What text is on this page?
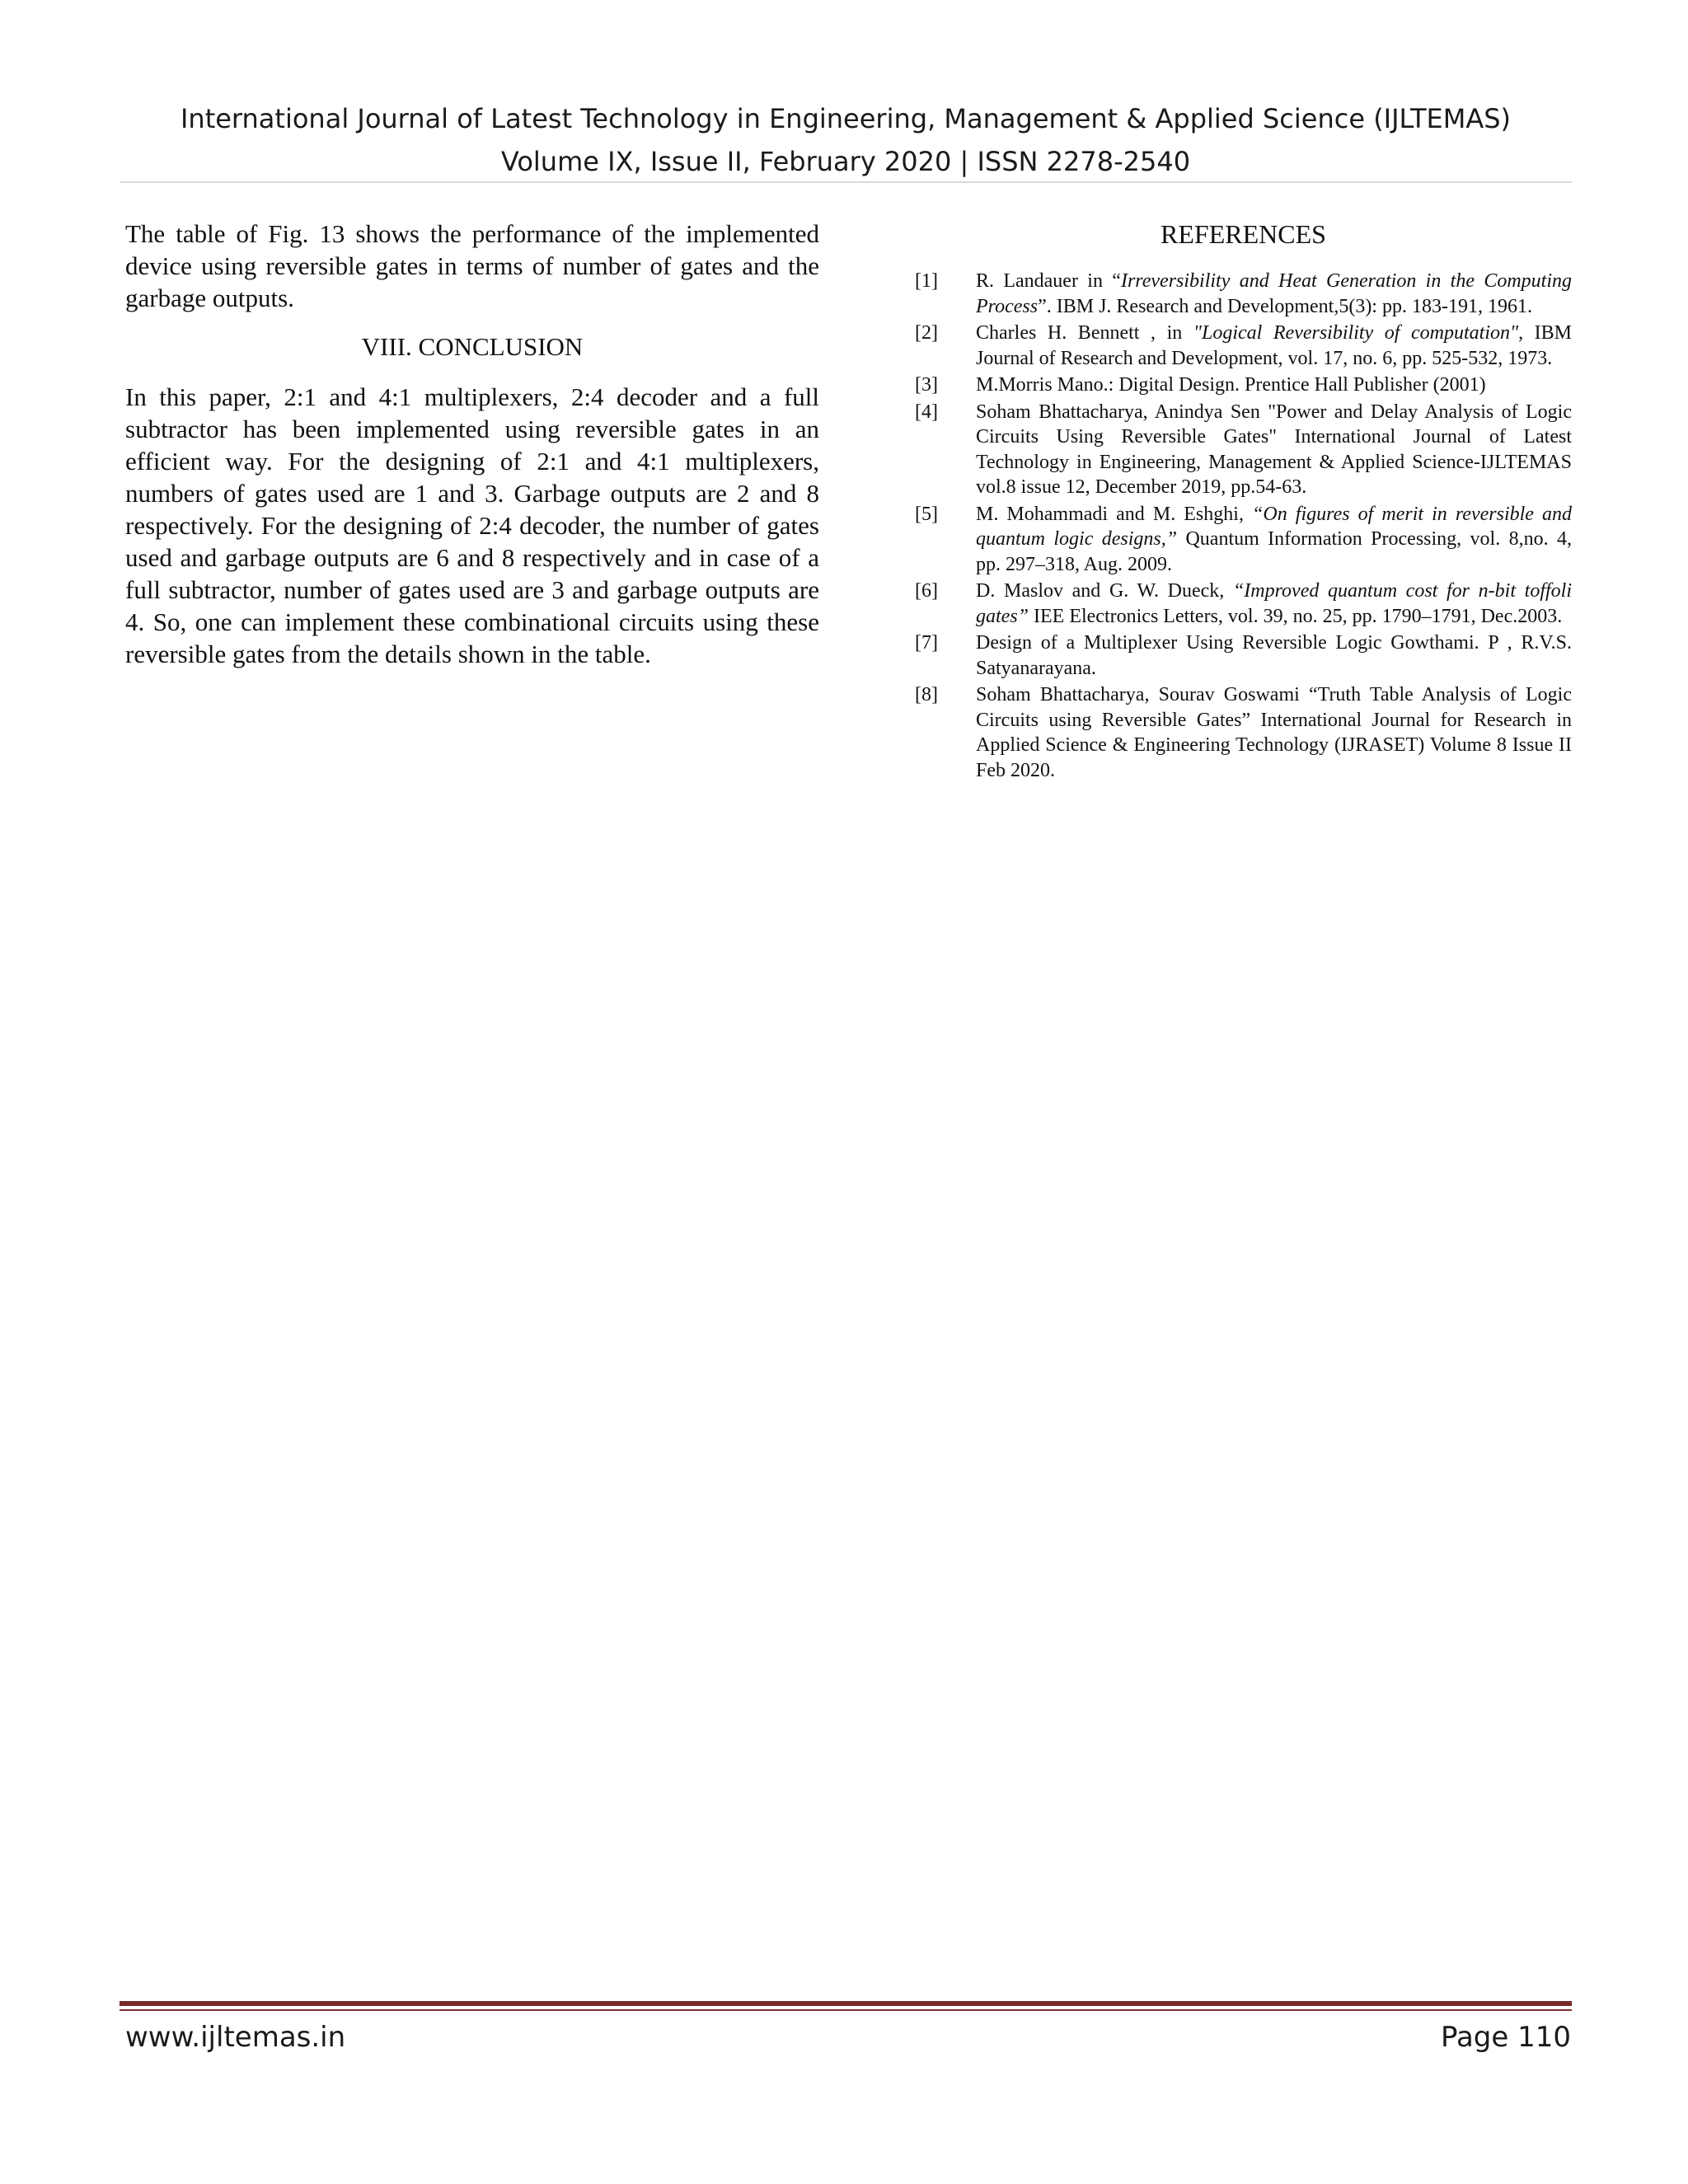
International Journal of Latest Technology in Engineering, Management & Applied Science (IJLTEMAS)
Volume IX, Issue II, February 2020 | ISSN 2278-2540

The table of Fig. 13 shows the performance of the implemented device using reversible gates in terms of number of gates and the garbage outputs.

VIII. CONCLUSION

In this paper, 2:1 and 4:1 multiplexers, 2:4 decoder and a full subtractor has been implemented using reversible gates in an efficient way. For the designing of 2:1 and 4:1 multiplexers, numbers of gates used are 1 and 3. Garbage outputs are 2 and 8 respectively. For the designing of 2:4 decoder, the number of gates used and garbage outputs are 6 and 8 respectively and in case of a full subtractor, number of gates used are 3 and garbage outputs are 4. So, one can implement these combinational circuits using these reversible gates from the details shown in the table.

REFERENCES
[1]	R. Landauer in “Irreversibility and Heat Generation in the Computing Process”. IBM J. Research and Development,5(3): pp. 183-191, 1961.
[2]	Charles H. Bennett , in "Logical Reversibility of computation", IBM Journal of Research and Development, vol. 17, no. 6, pp. 525-532, 1973.
[3]	M.Morris Mano.: Digital Design. Prentice Hall Publisher (2001)
[4]	Soham Bhattacharya, Anindya Sen "Power and Delay Analysis of Logic Circuits Using Reversible Gates" International Journal of Latest Technology in Engineering, Management & Applied Science-IJLTEMAS vol.8 issue 12, December 2019, pp.54-63.
[5]	M. Mohammadi and M. Eshghi, “On figures of merit in reversible and quantum logic designs,” Quantum Information Processing, vol. 8,no. 4, pp. 297–318, Aug. 2009.
[6]	D. Maslov and G. W. Dueck, “Improved quantum cost for n-bit toffoli gates” IEE Electronics Letters, vol. 39, no. 25, pp. 1790–1791, Dec.2003.
[7]	Design of a Multiplexer Using Reversible Logic Gowthami. P , R.V.S. Satyanarayana.
[8]	Soham Bhattacharya, Sourav Goswami “Truth Table Analysis of Logic Circuits using Reversible Gates” International Journal for Research in Applied Science & Engineering Technology (IJRASET) Volume 8 Issue II Feb 2020.
www.ijltemas.in	Page 110
